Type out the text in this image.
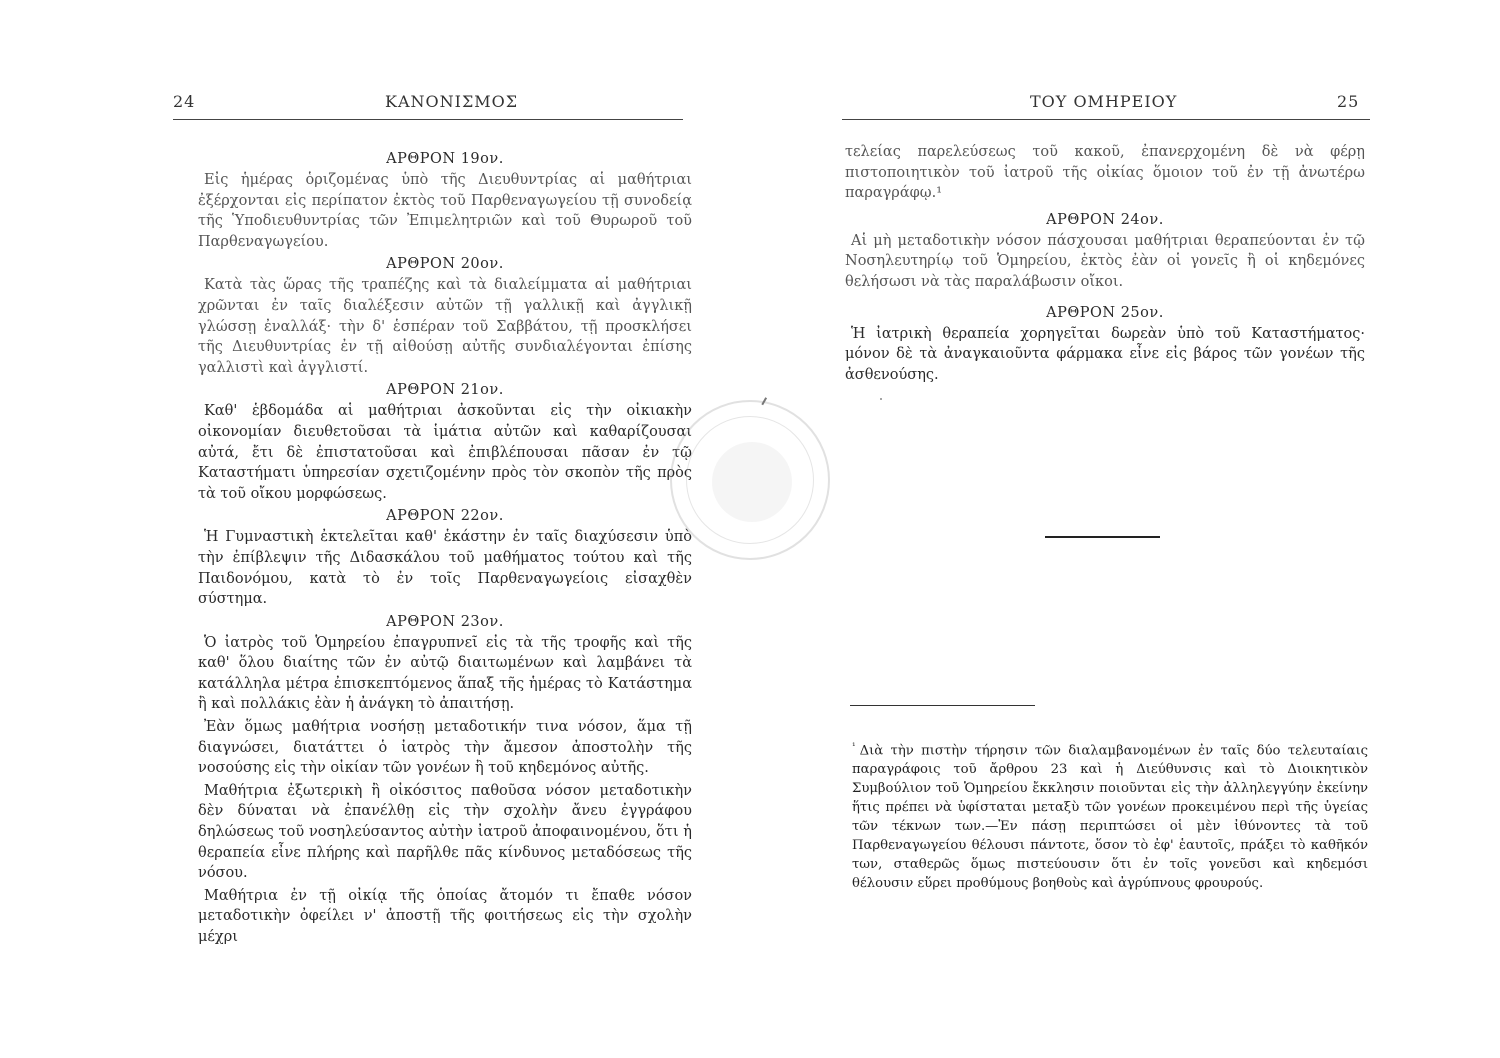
24	ΚΑΝΟΝΙΣΜΟΣ
ΑΡΘΡΟΝ 19ον.

Εἰς ἡμέρας ὁριζομένας ὑπὸ τῆς Διευθυντρίας αἱ μαθήτριαι ἐξέρχονται εἰς περίπατον ἐκτὸς τοῦ Παρθεναγωγείου τῇ συνοδείᾳ τῆς Ὑποδιευθυντρίας τῶν Ἐπιμελητριῶν καὶ τοῦ Θυρωροῦ τοῦ Παρθεναγωγείου.

ΑΡΘΡΟΝ 20ον.

Κατὰ τὰς ὥρας τῆς τραπέζης καὶ τὰ διαλείμματα αἱ μαθήτριαι χρῶνται ἐν ταῖς διαλέξεσιν αὐτῶν τῇ γαλλικῇ καὶ ἀγγλικῇ γλώσσῃ ἐναλλάξ· τὴν δ' ἑσπέραν τοῦ Σαββάτου, τῇ προσκλήσει τῆς Διευθυντρίας ἐν τῇ αἰθούσῃ αὐτῆς συνδιαλέγονται ἐπίσης γαλλιστὶ καὶ ἀγγλιστί.

ΑΡΘΡΟΝ 21ον.

Καθ' ἑβδομάδα αἱ μαθήτριαι ἀσκοῦνται εἰς τὴν οἰκιακὴν οἰκονομίαν διευθετοῦσαι τὰ ἱμάτια αὐτῶν καὶ καθαρίζουσαι αὐτά, ἔτι δὲ ἐπιστατοῦσαι καὶ ἐπιβλέπουσαι πᾶσαν ἐν τῷ Καταστήματι ὑπηρεσίαν σχετιζομένην πρὸς τὸν σκοπὸν τῆς πρὸς τὰ τοῦ οἴκου μορφώσεως.

ΑΡΘΡΟΝ 22ον.

Ἡ Γυμναστικὴ ἐκτελεῖται καθ' ἑκάστην ἐν ταῖς διαχύσεσιν ὑπὸ τὴν ἐπίβλεψιν τῆς Διδασκάλου τοῦ μαθήματος τούτου καὶ τῆς Παιδονόμου, κατὰ τὸ ἐν τοῖς Παρθεναγωγείοις εἰσαχθὲν σύστημα.

ΑΡΘΡΟΝ 23ον.

Ὁ ἰατρὸς τοῦ Ὁμηρείου ἐπαγρυπνεῖ εἰς τὰ τῆς τροφῆς καὶ τῆς καθ' ὅλου διαίτης τῶν ἐν αὐτῷ διαιτωμένων καὶ λαμβάνει τὰ κατάλληλα μέτρα ἐπισκεπτόμενος ἅπαξ τῆς ἡμέρας τὸ Κατάστημα ἢ καὶ πολλάκις ἐὰν ἡ ἀνάγκη τὸ ἀπαιτήσῃ.

Ἐὰν ὅμως μαθήτρια νοσήσῃ μεταδοτικήν τινα νόσον, ἅμα τῇ διαγνώσει, διατάττει ὁ ἰατρὸς τὴν ἄμεσον ἀποστολὴν τῆς νοσούσης εἰς τὴν οἰκίαν τῶν γονέων ἢ τοῦ κηδεμόνος αὐτῆς.

Μαθήτρια ἐξωτερικὴ ἢ οἰκόσιτος παθοῦσα νόσον μεταδοτικὴν δὲν δύναται νὰ ἐπανέλθῃ εἰς τὴν σχολὴν ἄνευ ἐγγράφου δηλώσεως τοῦ νοσηλεύσαντος αὐτὴν ἰατροῦ ἀποφαινομένου, ὅτι ἡ θεραπεία εἶνε πλήρης καὶ παρῆλθε πᾶς κίνδυνος μεταδόσεως τῆς νόσου.

Μαθήτρια ἐν τῇ οἰκίᾳ τῆς ὁποίας ἄτομόν τι ἔπαθε νόσον μεταδοτικὴν ὀφείλει ν' ἀποστῇ τῆς φοιτήσεως εἰς τὴν σχολὴν μέχρι

ΤΟΥ ΟΜΗΡΕΙΟΥ	25

τελείας παρελεύσεως τοῦ κακοῦ, ἐπανερχομένη δὲ νὰ φέρῃ πιστοποιητικὸν τοῦ ἰατροῦ τῆς οἰκίας ὅμοιον τοῦ ἐν τῇ ἀνωτέρω παραγράφῳ.¹

ΑΡΘΡΟΝ 24ον.

Αἱ μὴ μεταδοτικὴν νόσον πάσχουσαι μαθήτριαι θεραπεύονται ἐν τῷ Νοσηλευτηρίῳ τοῦ Ὁμηρείου, ἐκτὸς ἐὰν οἱ γονεῖς ἢ οἱ κηδεμόνες θελήσωσι νὰ τὰς παραλάβωσιν οἴκοι.

ΑΡΘΡΟΝ 25ον.

Ἡ ἰατρικὴ θεραπεία χορηγεῖται δωρεὰν ὑπὸ τοῦ Καταστήματος· μόνον δὲ τὰ ἀναγκαιοῦντα φάρμακα εἶνε εἰς βάρος τῶν γονέων τῆς ἀσθενούσης.

$^{^1}$ Διὰ τὴν πιστὴν τήρησιν τῶν διαλαμβανομένων ἐν ταῖς δύο τελευταίαις παραγράφοις τοῦ ἄρθρου 23 καὶ ἡ Διεύθυνσις καὶ τὸ Διοικητικὸν Συμβούλιον τοῦ Ὁμηρείου ἔκκλησιν ποιοῦνται εἰς τὴν ἀλληλεγγύην ἐκείνην ἥτις πρέπει νὰ ὑφίσταται μεταξὺ τῶν γονέων προκειμένου περὶ τῆς ὑγείας τῶν τέκνων των.—Ἐν πάσῃ περιπτώσει οἱ μὲν ἰθύνοντες τὰ τοῦ Παρθεναγωγείου θέλουσι πάντοτε, ὅσον τὸ ἐφ' ἑαυτοῖς, πράξει τὸ καθῆκόν των, σταθερῶς ὅμως πιστεύουσιν ὅτι ἐν τοῖς γονεῦσι καὶ κηδεμόσι θέλουσιν εὕρει προθύμους βοηθοὺς καὶ ἀγρύπνους φρουρούς.
